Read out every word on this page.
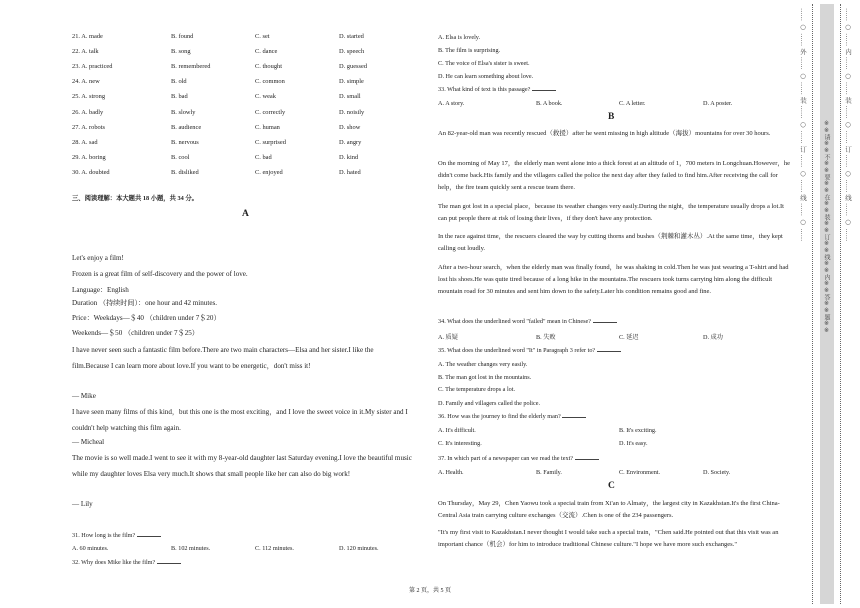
21. A. made	B. found	C. set	D. started
22. A. talk	B. song	C. dance	D. speech
23. A. practiced	B. remembered	C. thought	D. guessed
24. A. new	B. old	C. common	D. simple
25. A. strong	B. bad	C. weak	D. small
26. A. badly	B. slowly	C. correctly	D. noisily
27. A. robots	B. audience	C. human	D. show
28. A. sad	B. nervous	C. surprised	D. angry
29. A. boring	B. cool	C. bad	D. kind
30. A. doubted	B. disliked	C. enjoyed	D. hated
三、阅读理解：本大题共 18 小题，共 34 分。
A
Let's enjoy a film!
Frozen is a great film of self-discovery and the power of love.
Language：English
Duration （持续时间）：one hour and 42 minutes.
Price：Weekdays—＄40 （children under 7＄20）
Weekends—＄50 （children under 7＄25）
I have never seen such a fantastic film before.There are two main characters—Elsa and her sister.I like the film.Because I can learn more about love.If you want to be energetic，don't miss it!
— Mike
I have seen many films of this kind，but this one is the most exciting，and I love the sweet voice in it.My sister and I couldn't help watching this film again.
— Micheal
The movie is so well made.I went to see it with my 8-year-old daughter last Saturday evening.I love the beautiful music while my daughter loves Elsa very much.It shows that small people like her can also do big work!
— Lily
31. How long is the film?
A. 60 minutes.	B. 102 minutes.	C. 112 minutes.	D. 120 minutes.
32. Why does Mike like the film?
A. Elsa is lovely.
B. The film is surprising.
C. The voice of Elsa's sister is sweet.
D. He can learn something about love.
33. What kind of text is this passage?
A. A story.	B. A book.	C. A letter.	D. A poster.
B
An 82-year-old man was recently rescued（救援）after he went missing in high altitude（海拔）mountains for over 30 hours.
On the morning of May 17，the elderly man went alone into a thick forest at an altitude of 1，700 meters in Longchuan.However，he didn't come back.His family and the villagers called the police the next day after they failed to find him.After receiving the call for help，the fire team quickly sent a rescue team there.
The man got lost in a special place，because its weather changes very easily.During the night，the temperature usually drops a lot.It can put people there at risk of losing their lives，if they don't have any protection.
In the race against time，the rescuers cleared the way by cutting thorns and bushes（荆棘和灌木丛）.At the same time，they kept calling out loudly.
After a two-hour search，when the elderly man was finally found，he was shaking in cold.Then he was just wearing a T-shirt and had lost his shoes.He was quite tired because of a long hike in the mountains.The rescuers took turns carrying him along the difficult mountain road for 30 minutes and sent him down to the safety.Later his condition remains good and fine.
34. What does the underlined word "failed" mean in Chinese?
A. 质疑	B. 失败	C. 延迟	D. 成功
35. What does the underlined word "It" in Paragraph 3 refer to?
A. The weather changes very easily.
B. The man got lost in the mountains.
C. The temperature drops a lot.
D. Family and villagers called the police.
36. How was the journey to find the elderly man?
A. It's difficult.	B. It's exciting.
C. It's interesting.	D. It's easy.
37. In which part of a newspaper can we read the text?
A. Health.	B. Family.	C. Environment.	D. Society.
C
On Thursday，May 29，Chen Yaowu took a special train from Xi'an to Almaty，the largest city in Kazakhstan.It's the first China-Central Asia train carrying culture exchanges（交流）.Chen is one of the 234 passengers.
"It's my first visit to Kazakhstan.I never thought I would take such a special train，"Chen said.He pointed out that this visit was an important chance（机会）for him to introduce traditional Chinese culture."I hope we have more such exchanges."
第 2 页，共 5 页
…… ○ …… 外 …… ○ …… 装 …… ○ …… 订 …… ○ …… 线 …… ○ ……	※※请※※不※※要※※在※※装※※订※※线※※内※※答※※题※※ …… ○ …… 内 …… ○ …… 装 …… ○ …… 订 …… ○ …… 线 …… ○ ……
